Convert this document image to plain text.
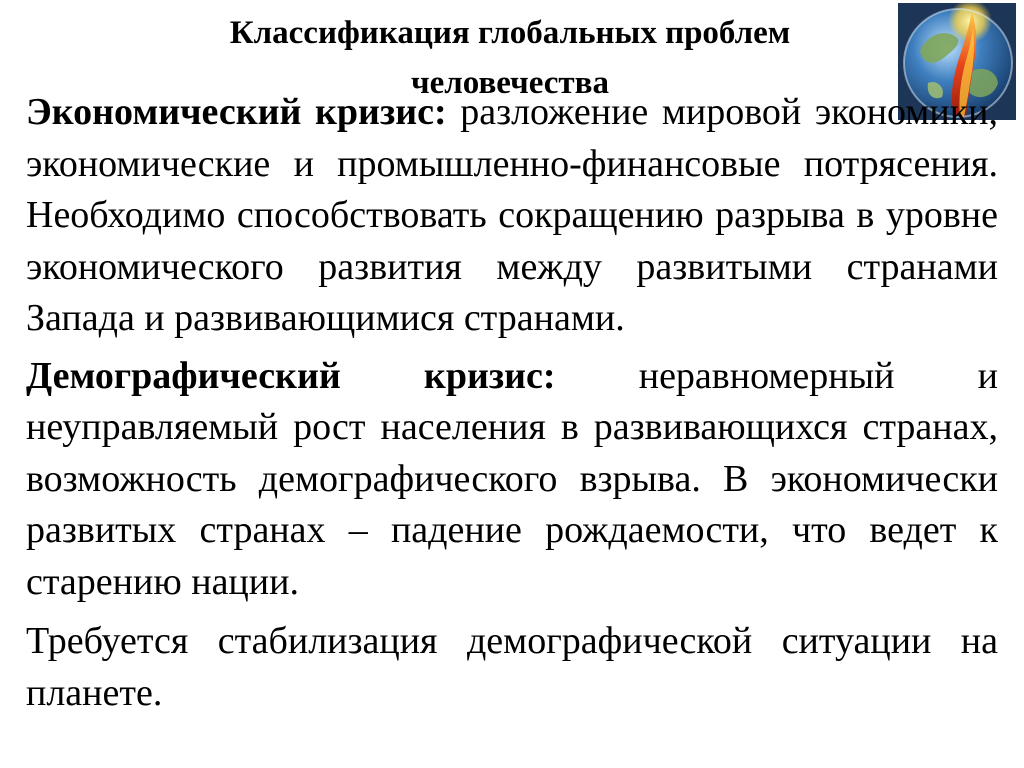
Классификация глобальных проблем человечества

Экономический кризис: разложение мировой экономики, экономические и промышленно-финансовые потрясения. Необходимо способствовать сокращению разрыва в уровне экономического развития между развитыми странами Запада и развивающимися странами.

Демографический кризис: неравномерный и неуправляемый рост населения в развивающихся странах, возможность демографического взрыва. В экономически развитых странах – падение рождаемости, что ведет к старению нации.

Требуется стабилизация демографической ситуации на планете.
